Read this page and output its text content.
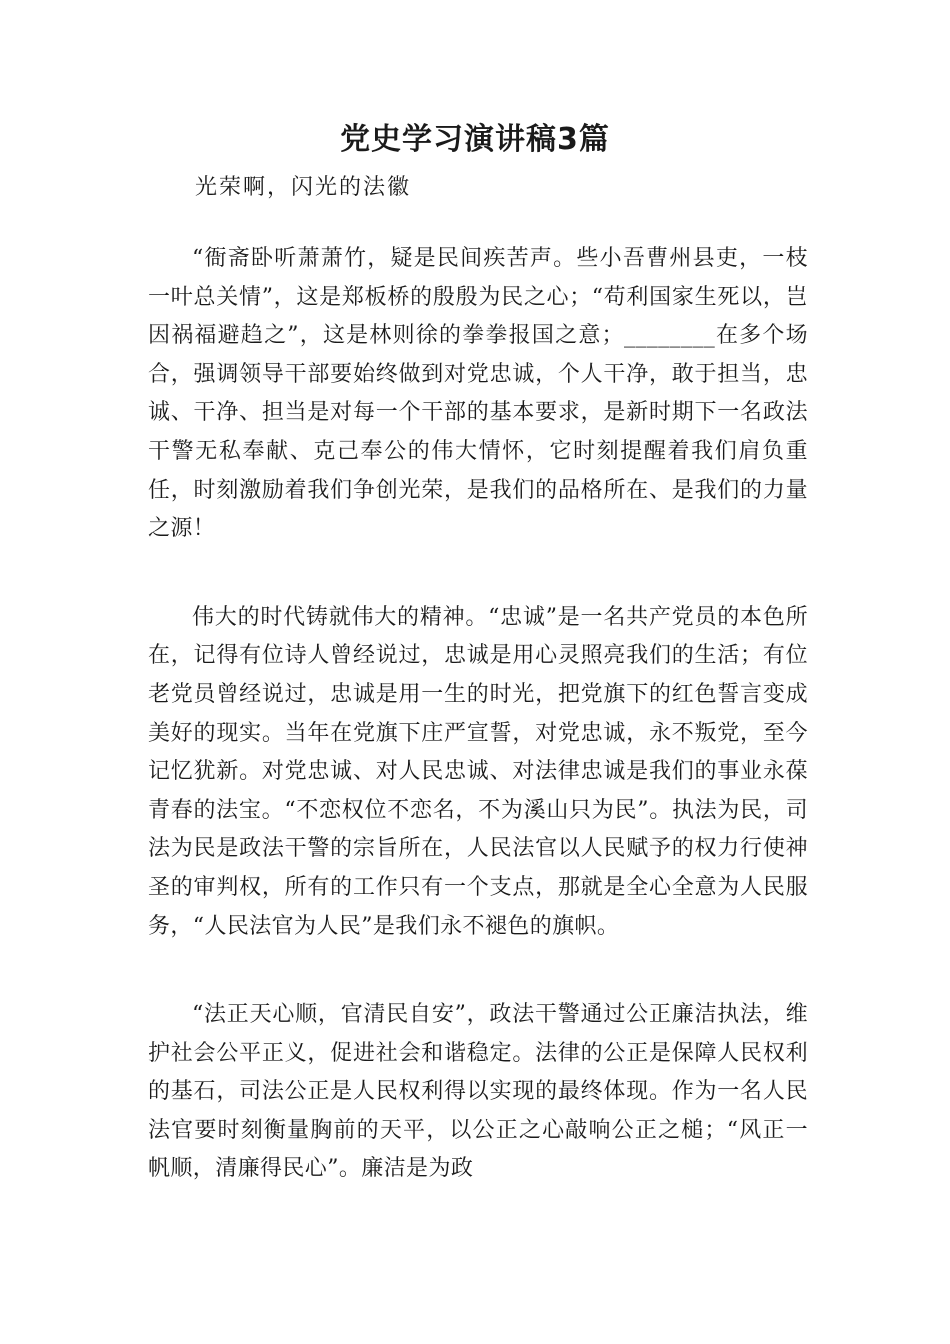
党史学习演讲稿3篇

光荣啊，闪光的法徽

“衙斋卧听萧萧竹，疑是民间疾苦声。些小吾曹州县吏，一枝一叶总关情”，这是郑板桥的殷殷为民之心；“苟利国家生死以，岂因祸福避趋之”，这是林则徐的拳拳报国之意；________在多个场合，强调领导干部要始终做到对党忠诚，个人干净，敢于担当，忠诚、干净、担当是对每一个干部的基本要求，是新时期下一名政法干警无私奉献、克己奉公的伟大情怀，它时刻提醒着我们肩负重任，时刻激励着我们争创光荣，是我们的品格所在、是我们的力量之源！

伟大的时代铸就伟大的精神。“忠诚”是一名共产党员的本色所在，记得有位诗人曾经说过，忠诚是用心灵照亮我们的生活；有位老党员曾经说过，忠诚是用一生的时光，把党旗下的红色誓言变成美好的现实。当年在党旗下庄严宣誓，对党忠诚，永不叛党，至今记忆犹新。对党忠诚、对人民忠诚、对法律忠诚是我们的事业永葆青春的法宝。“不恋权位不恋名，不为溪山只为民”。执法为民，司法为民是政法干警的宗旨所在，人民法官以人民赋予的权力行使神圣的审判权，所有的工作只有一个支点，那就是全心全意为人民服务，“人民法官为人民”是我们永不褪色的旗帜。

“法正天心顺，官清民自安”，政法干警通过公正廉洁执法，维护社会公平正义，促进社会和谐稳定。法律的公正是保障人民权利的基石，司法公正是人民权利得以实现的最终体现。作为一名人民法官要时刻衡量胸前的天平，以公正之心敲响公正之槌；“风正一帆顺，清廉得民心”。廉洁是为政
